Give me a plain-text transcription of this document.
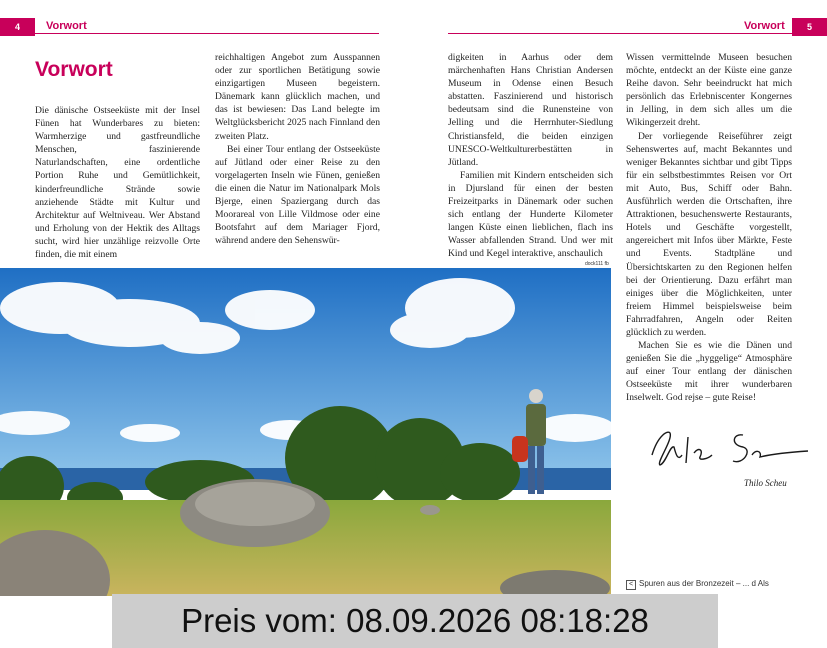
4	Vorwort	Vorwort	5
Vorwort

Die dänische Ostseeküste mit der Insel Fünen hat Wunderbares zu bieten: Warmherzige und gastfreundliche Menschen, faszinierende Naturlandschaften, eine ordentliche Portion Ruhe und Gemütlichkeit, kinderfreundliche Strände sowie anziehende Städte mit Kultur und Architektur auf Weltniveau. Wer Abstand und Erholung von der Hektik des Alltags sucht, wird hier unzählige reizvolle Orte finden, die mit einem

reichhaltigen Angebot zum Ausspannen oder zur sportlichen Betätigung sowie einzigartigen Museen begeistern. Dänemark kann glücklich machen, und das ist bewiesen: Das Land belegte im Weltglücksbericht 2025 nach Finnland den zweiten Platz.

Bei einer Tour entlang der Ostseeküste auf Jütland oder einer Reise zu den vorgelagerten Inseln wie Fünen, genießen die einen die Natur im Nationalpark Mols Bjerge, einen Spaziergang durch das Moorareal von Lille Vildmose oder eine Bootsfahrt auf dem Mariager Fjord, während andere den Sehenswür-

digkeiten in Aarhus oder dem märchenhaften Hans Christian Andersen Museum in Odense einen Besuch abstatten. Faszinierend und historisch bedeutsam sind die Runensteine von Jelling und die Herrnhuter-Siedlung Christiansfeld, die beiden einzigen UNESCO-Weltkulturerbestätten in Jütland.

Familien mit Kindern entscheiden sich in Djursland für einen der besten Freizeitparks in Dänemark oder suchen sich entlang der Hunderte Kilometer langen Küste einen lieblichen, flach ins Wasser abfallenden Strand. Und wer mit Kind und Kegel interaktive, anschaulich

Wissen vermittelnde Museen besuchen möchte, entdeckt an der Küste eine ganze Reihe davon. Sehr beeindruckt hat mich persönlich das Erlebniscenter Kongernes in Jelling, in dem sich alles um die Wikingerzeit dreht.

Der vorliegende Reiseführer zeigt Sehenswertes auf, macht Bekanntes und weniger Bekanntes sichtbar und gibt Tipps für ein selbstbestimmtes Reisen vor Ort mit Auto, Bus, Schiff oder Bahn. Ausführlich werden die Ortschaften, ihre Attraktionen, besuchenswerte Restaurants, Hotels und Geschäfte vorgestellt, angereichert mit Infos über Märkte, Feste und Events. Stadtpläne und Übersichtskarten zu den Regionen helfen bei der Orientierung. Dazu erfährt man einiges über die Möglichkeiten, unter freiem Himmel beispielsweise beim Fahrradfahren, Angeln oder Reiten glücklich zu werden.

Machen Sie es wie die Dänen und genießen Sie die „hyggelige“ Atmosphäre auf einer Tour entlang der dänischen Ostseeküste mit ihrer wunderbaren Inselwelt. God rejse – gute Reise!

dock111 fb
Thilo Scheu
< Spuren aus der Bronzezeit – ... d Als
Preis vom: 08.09.2026 08:18:28
